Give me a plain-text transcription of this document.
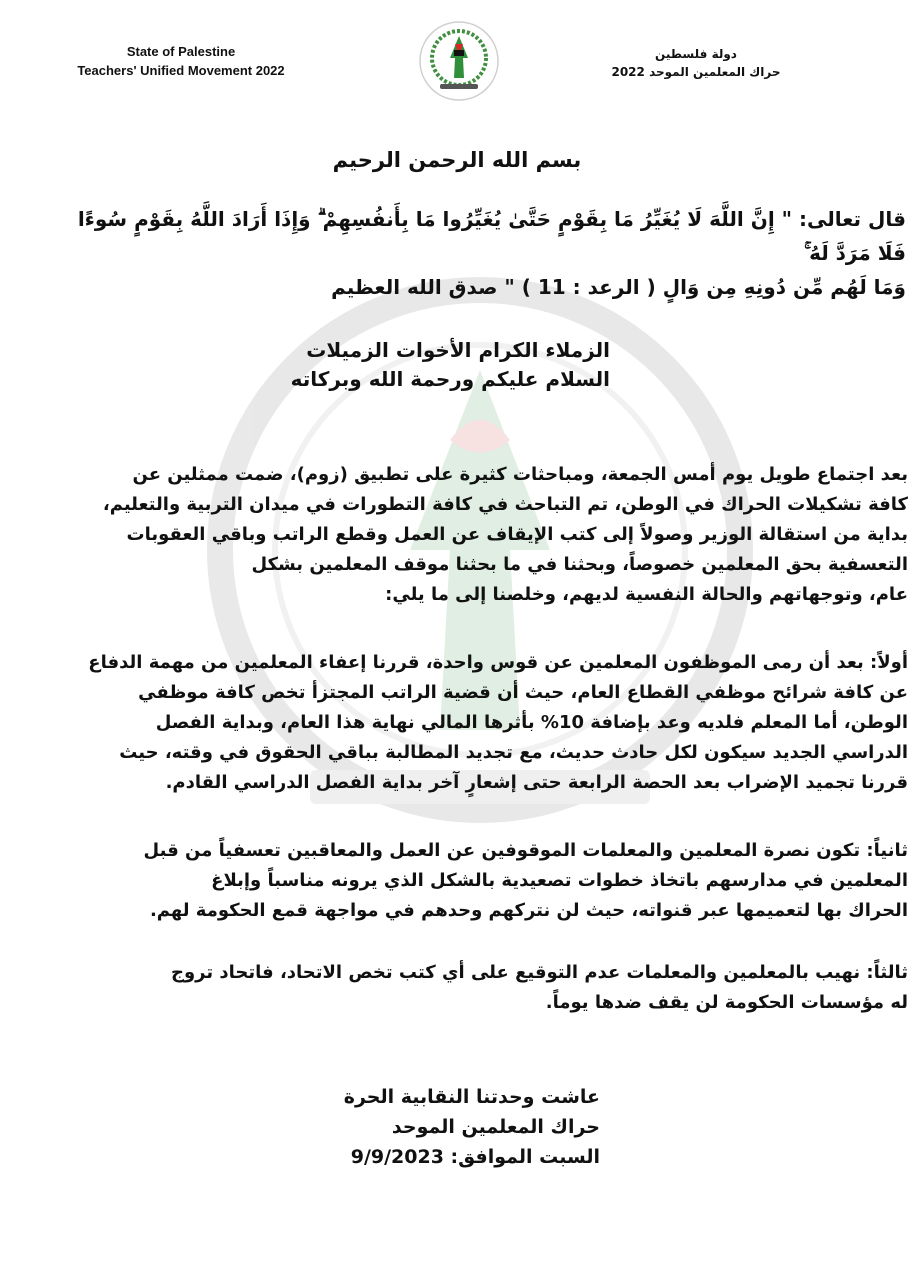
State of Palestine
Teachers' Unified Movement 2022
دولة فلسطين
حراك المعلمين الموحد 2022
بسم الله الرحمن الرحيم
قال تعالى: " إِنَّ اللَّهَ لَا يُغَيِّرُ مَا بِقَوْمٍ حَتَّىٰ يُغَيِّرُوا مَا بِأَنفُسِهِمْ ۗ وَإِذَا أَرَادَ اللَّهُ بِقَوْمٍ سُوءًا فَلَا مَرَدَّ لَهُ ۚ
وَمَا لَهُم مِّن دُونِهِ مِن وَالٍ ( الرعد : 11 ) " صدق الله العظيم
الزملاء الكرام الأخوات الزميلات
السلام عليكم ورحمة الله وبركاته
بعد اجتماع طويل يوم أمس الجمعة، ومباحثات كثيرة على تطبيق (زوم)، ضمت ممثلين عن
كافة تشكيلات الحراك في الوطن، تم التباحث في كافة التطورات في ميدان التربية والتعليم،
بداية من استقالة الوزير وصولاً إلى كتب الإيقاف عن العمل وقطع الراتب وباقي العقوبات
التعسفية بحق المعلمين خصوصاً، وبحثنا في ما بحثنا موقف المعلمين بشكل
عام، وتوجهاتهم والحالة النفسية لديهم، وخلصنا إلى ما يلي:
أولاً: بعد أن رمى الموظفون المعلمين عن قوس واحدة، قررنا إعفاء المعلمين من مهمة الدفاع
عن كافة شرائح موظفي القطاع العام، حيث أن قضية الراتب المجتزأ تخص كافة موظفي
الوطن، أما المعلم فلديه وعد بإضافة 10% بأثرها المالي نهاية هذا العام، وبداية الفصل
الدراسي الجديد سيكون لكل حادث حديث، مع تجديد المطالبة بباقي الحقوق في وقته، حيث
قررنا تجميد الإضراب بعد الحصة الرابعة حتى إشعارٍ آخر بداية الفصل الدراسي القادم.
ثانياً: تكون نصرة المعلمين والمعلمات الموقوفين عن العمل والمعاقبين تعسفياً من قبل
المعلمين في مدارسهم باتخاذ خطوات تصعيدية بالشكل الذي يرونه مناسباً وإبلاغ
الحراك بها لتعميمها عبر قنواته، حيث لن نتركهم وحدهم في مواجهة قمع الحكومة لهم.
ثالثاً: نهيب بالمعلمين والمعلمات عدم التوقيع على أي كتب تخص الاتحاد، فاتحاد تروج
له مؤسسات الحكومة لن يقف ضدها يوماً.
عاشت وحدتنا النقابية الحرة
حراك المعلمين الموحد
السبت الموافق: 9/9/2023
